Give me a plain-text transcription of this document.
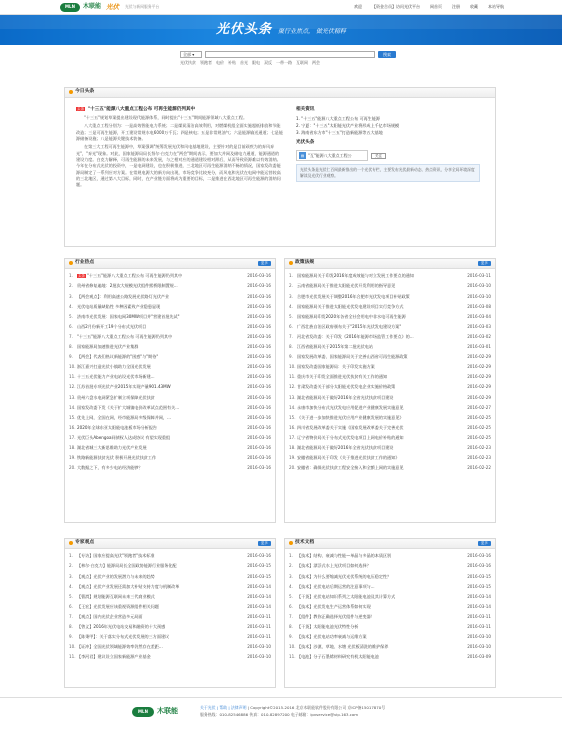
MLN	木联能 光伏 光伏与新网服务平台	欢迎	【资金合员】访问光伏平台	网首页	注册	收藏	本站导航
光伏头条 聚行业焦点， 做光伏精粹
全部 ▾	搜索
光伏扶贫 领跑者 电价 补贴 首光 限电 双反 一带一路 互联网 两会
今日头条
头条 "十三五"能源八大重点工程公布 可再生能源仍列其中

"十三五"规划草案提出建设现代能源体系，同时提出"十三五"期间能源领域八大重点工程。

八大重点工程分别为：一是高效智能电力系统；二是煤炭清洁高效利用，对燃煤机组全面实施超低排放和节能改造；三是可再生能源，开工建设常规水电6000万千瓦；四是核电；五是非常规油气；六是能源输送通道；七是能源储备设施；八是能源关键技术装备。

在第三大工程可再生能源中，草案强调"统筹发展光伏和风电基地建设，主要针对的是目前顽疾为的弃风弃光"，"弃光"现象。对此，国家能源局局长努尔·白克力在"两会"期间表示，要加大并网及储电力通道、能源通道的建设力度。白克力解释，可再生能源的未来发展，与之相对应的通道建设相对滞后，从而导致资源难以有效消纳。今年在分布式光伏的投资中，一是电网建设，也在积极推进，三北地区可再生能源消纳不畅的情况，国家发改委能源局制定了一系列应对方案。在常规电源大的新方向出现，市场竞争比较充分，而风电和光伏在电网中能运营较高的三北地区，通过第八大目标，同时，在产业链方面将成为重要的目标，二是推进在西北地区可再生能源的消纳问题。

相关资讯
1. "十三五"能源八大重点工程公布 可再生能源
2. 宁夏："十三五"太阳能光伏产业将形成上千亿市场规模
3. 海南省东方市"十三五"打造新能源等五大基地
光伏头条
▤ "互"能源八大重点工程公	关注
光伏头条是光伏仁百网最新推出的一个光伏专栏，主要发布光伏最新动态、热点资讯，分享全局环境深度解读及光伏行业观察。
行业热点	更多
1.	头条 "十三五"能源八大重点工程公布 可再生能源仍列其中	2016-03-16
2. 贵州省修复遍地：2批次大规模光伏组件熙桥限制置规...	2016-03-16
3. 【两会观点】：利用高速公路发展光伏路灯光伏产业	2016-03-16
4. 光伏电站质量缺陷性 多种因素致产业隐患显现	2016-03-16
5. 济南市光伏发展：国家电网30MW项目并"营建首批先试"	2016-03-16
6. 山西2月份新开工19个分布式光伏项目	2016-03-16
7. "十三五"能源八大重点工程公布 可再生能源仍列其中	2016-03-16
8. 国家能源局加速推进光伏产业集群	2016-03-16
9. 【两会】代表们热议新能源的"困惑"与"期待"	2016-03-16
10. 浙江嘉兴打造光伏小镇助力全国光伏发展	2016-03-16
11. 十三五光伏能力产业电站设光伏市场新建...	2016-03-16
12. 江苏首批专项光伏产业2015年实现产量901.43MW	2016-03-16
13. 贵州六盘水电网紧急扩制立项保障光伏扶贫	2016-03-16
14. 国家发改委下发《关于扩大城镇电价改革试点范围有关...	2016-03-16
15. 优先上网，全国在网，经市能源局多级保障并网，...	2016-03-16
16. 2020年全球东亚太阳能电池板市场分析报告	2016-03-16
17. 光伏巨头Abengoa同债权人达成协议 有望实现重组	2016-03-16
18. 湖北省城三大新思维助力光伏产业发展	2016-03-16
19. 铁路新能源扶贫光伏 积极开展光伏扶贫工作	2016-03-16
20. 大数据之下，有多少电站经济能够？	2016-03-16
政策法规	更多
1. 国家能源局关于印发2016年度成效能与对立发展工作要点的通知	2016-03-11
2. 云南省能源局关于推进太阳能光伏开发利用的指导意见	2016-03-10
3. 合肥市光伏发展关于调整2016年合肥市光伏发电项目补贴政策	2016-03-10
4. 国家能源局关于推进太阳能光伏发电建设项目实行竞争方式	2016-03-08
5. 国家能源局印发2020年各省全社会用电中非水电可再生能源	2016-03-04
6. 广西壮族自治区政府颁布关于"2015年光伏发电建设方案"	2016-03-03
7. 河北省发改委：关于印发《2016年能源市场监管工作要点》的...	2016-03-02
8. 江西省能源局关于2015年第二批光伏电站	2016-03-01
9. 国家发展改革委、国家能源局关于完善山西省可再生能源政策	2016-02-29
10. 国家发改委国家能源局：关于印发实施方案	2016-02-29
11. 重庆市关于印发全面推进光伏扶贫有关工作的通知	2016-02-29
12. 甘肃发改委关于部分太阳能光伏发电企业实施价格政策	2016-02-29
13. 湖北省能源局关于做好2016年全省光伏扶贫项目建设	2016-02-29
14. 永康市加快分布式光伏发电应用促进产业健康发展实施意见	2016-02-27
15. 《关于进一步加快推进光伏应用产业健康发展的实施意见》	2016-02-25
16. 四川省发展改革委关于实施《国家发展改革委关于完善光伏	2016-02-25
17. 辽宁省物价局关于分布式光伏发电项目上网电价补贴的通知	2016-02-25
18. 湖北省能源局关于做好2016年全省光伏扶贫项目建设	2016-02-23
19. 安徽省能源局关于印发《关于推进光伏扶贫工作的通知》	2016-02-23
20. 安徽省：确保光伏扶贫工程安全接入和全额上网的实施意见	2016-02-22
专家观点	更多
1. 【专访】国家应提高光伏"领跑者"技术标准	2016-03-16
2. 【林尔·白克力】能源局局长全国政协能源行业服务化配	2016-03-15
3. 【观点】光伏产业的发展潜力与未来的趋势	2016-03-15
4. 【观点】光伏产业发展还需加大补贴支持力度与机制改革	2016-03-14
5. 【曹渭】规划能源互联网未来三代商业模式	2016-03-14
6. 【王宏】光伏发展应该重视资源组件相关问题	2016-03-14
7. 【观点】国内光伏企业营造多元局面	2016-03-11
8. 【曾义】2016年光伏电站交易和融资的十大预感	2016-03-11
9. 【陈秉甲】：关于落实分布式光伏发展的三方面建议	2016-03-11
10. 【证冲】全国光伏领域能源效率仍然存在差距...	2016-03-10
11. 【李河君】建议设立国家新能源产业基金	2016-03-10
技术文档	更多
1. 【技术】结构、衰减与性能—单晶与多晶的本质区别	2016-03-16
2. 【技术】漂浮式水上光伏项目如何选择？	2016-03-16
3. 【技术】为什么要缩减光伏光伏系统的电压稳定性？	2016-03-15
4. 【技术】光伏电站后期运营的注意事项与...	2016-03-15
5. 【干货】光伏电站知识系列之太阳能电池及其计算方式	2016-03-14
6. 【技术】光伏发电生产运营体系如何实现	2016-03-14
7. 【组件】教你正确选择光伏组件与逆变器！	2016-03-11
8. 【干货】太阳能电池光伏特性分析	2016-03-11
9. 【技术】光伏电站功率衰减与运维方案	2016-03-10
10. 【技术】沙漠、草地、水塘 光伏板清洗的维护保养	2016-03-10
11. 【电池】分子石墨烯材料研究有机太阳能电池	2016-03-09
MLN	木联能	关于光伏 | 帮助 | 法律声明 | Copyright©2015-2016 北京木联能软件股份有限公司 京ICP备15017870号
服务热线：010-82546886 传真：010-82897200 电子邮箱：ipvservice@vip.163.com
